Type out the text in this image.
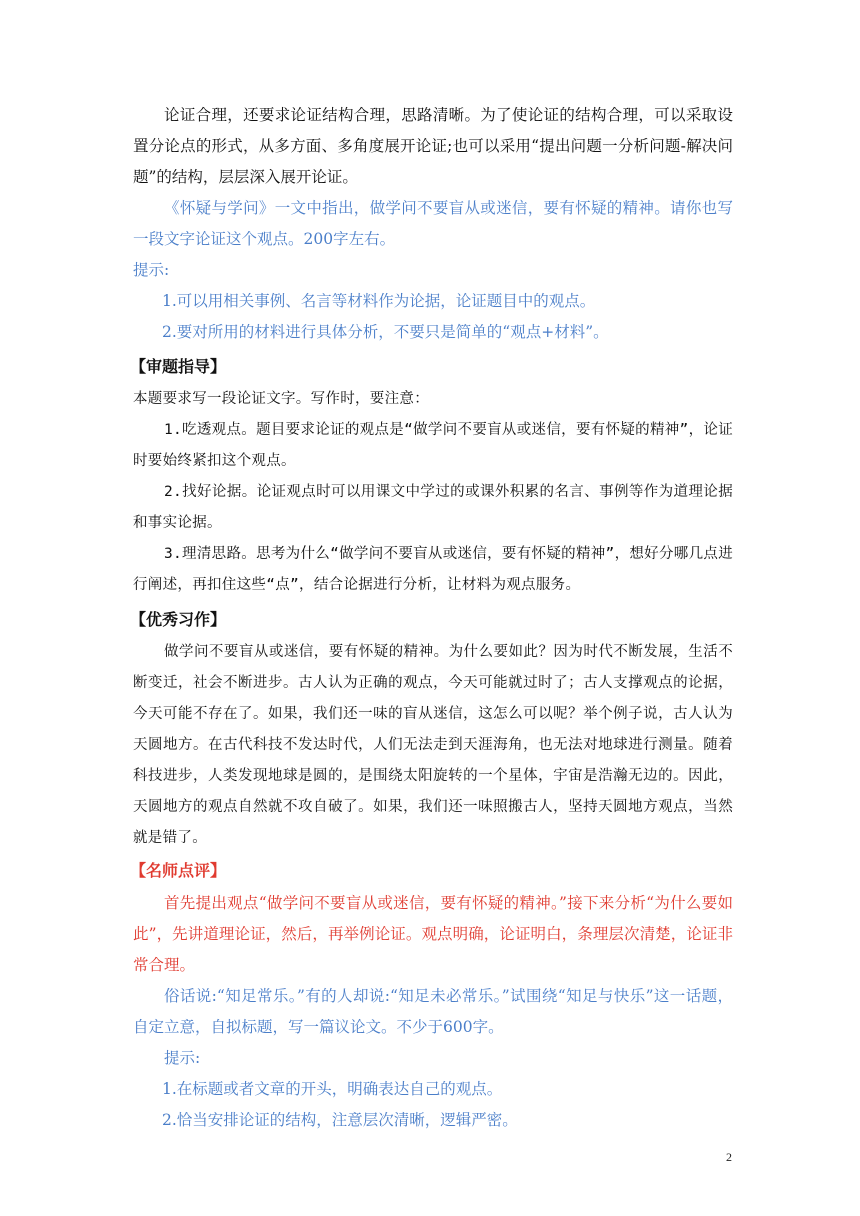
论证合理，还要求论证结构合理，思路清晰。为了使论证的结构合理，可以采取设置分论点的形式，从多方面、多角度展开论证;也可以采用“提出问题一分析问题-解决问题”的结构，层层深入展开论证。

《怀疑与学问》一文中指出，做学问不要盲从或迷信，要有怀疑的精神。请你也写一段文字论证这个观点。200字左右。

提示:

1.可以用相关事例、名言等材料作为论据，论证题目中的观点。

2.要对所用的材料进行具体分析，不要只是简单的“观点+材料”。

【审题指导】

本题要求写一段论证文字。写作时，要注意：

1.吃透观点。题目要求论证的观点是“做学问不要盲从或迷信，要有怀疑的精神”，论证时要始终紧扣这个观点。

2.找好论据。论证观点时可以用课文中学过的或课外积累的名言、事例等作为道理论据和事实论据。

3.理清思路。思考为什么“做学问不要盲从或迷信，要有怀疑的精神”，想好分哪几点进行阐述，再扣住这些“点”，结合论据进行分析，让材料为观点服务。

【优秀习作】

做学问不要盲从或迷信，要有怀疑的精神。为什么要如此？因为时代不断发展，生活不断变迁，社会不断进步。古人认为正确的观点，今天可能就过时了；古人支撑观点的论据，今天可能不存在了。如果，我们还一味的盲从迷信，这怎么可以呢？举个例子说，古人认为天圆地方。在古代科技不发达时代，人们无法走到天涯海角，也无法对地球进行测量。随着科技进步，人类发现地球是圆的，是围绕太阳旋转的一个星体，宇宙是浩瀚无边的。因此，天圆地方的观点自然就不攻自破了。如果，我们还一味照搬古人，坚持天圆地方观点，当然就是错了。

【名师点评】

首先提出观点“做学问不要盲从或迷信，要有怀疑的精神。”接下来分析“为什么要如此”，先讲道理论证，然后，再举例论证。观点明确，论证明白，条理层次清楚，论证非常合理。

俗话说:“知足常乐。”有的人却说:“知足未必常乐。”试围绕“知足与快乐”这一话题，自定立意，自拟标题，写一篇议论文。不少于600字。

提示:

1.在标题或者文章的开头，明确表达自己的观点。

2.恰当安排论证的结构，注意层次清晰，逻辑严密。

2
